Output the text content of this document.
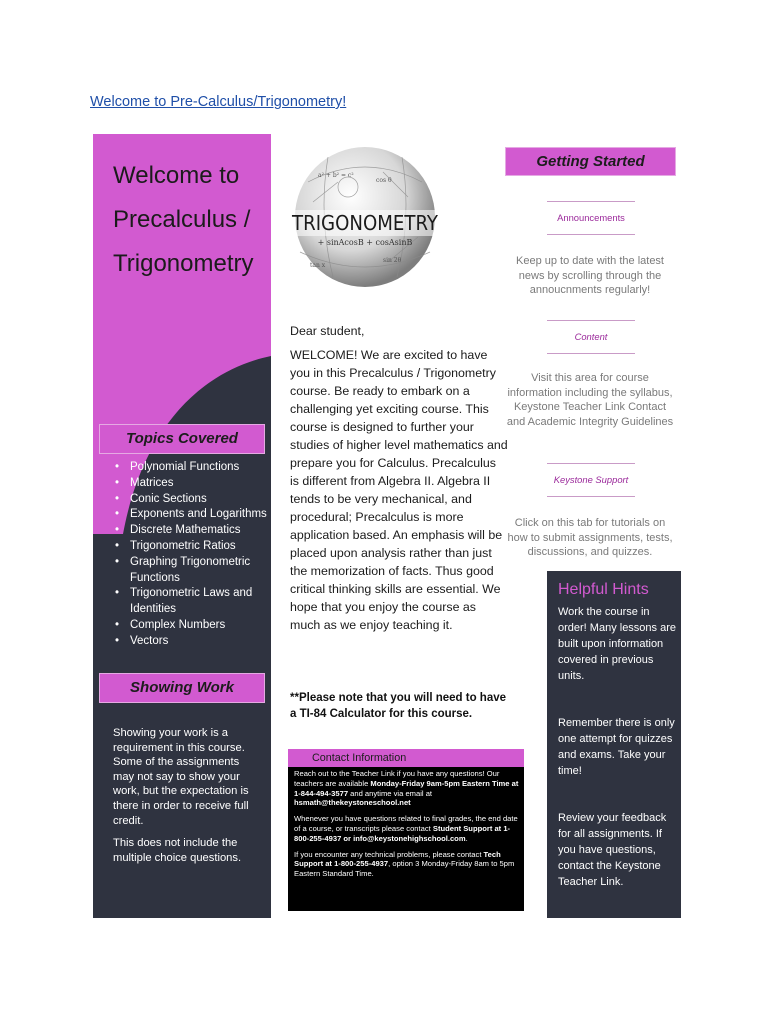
Welcome to Pre-Calculus/Trigonometry!
Welcome to
Precalculus /
Trigonometry
Topics Covered
• Polynomial Functions
• Matrices
• Conic Sections
• Exponents and Logarithms
• Discrete Mathematics
• Trigonometric Ratios
• Graphing Trigonometric Functions
• Trigonometric Laws and Identities
• Complex Numbers
• Vectors
Showing Work

Showing your work is a requirement in this course. Some of the assignments may not say to show your work, but the expectation is there in order to receive full credit.

This does not include the multiple choice questions.

a² + b² = c²
cos θ
tan x
sin 2θ
TRIGONOMETRY
+ sinAcosB + cosAsinB

Dear student,

WELCOME! We are excited to have you in this Precalculus / Trigonometry course. Be ready to embark on a challenging yet exciting course. This course is designed to further your studies of higher level mathematics and prepare you for Calculus. Precalculus is different from Algebra II. Algebra II tends to be very mechanical, and procedural; Precalculus is more application based. An emphasis will be placed upon analysis rather than just the memorization of facts. Thus good critical thinking skills are essential. We hope that you enjoy the course as much as we enjoy teaching it.

**Please note that you will need to have a TI-84 Calculator for this course.
Contact Information

Reach out to the Teacher Link if you have any questions! Our teachers are available Monday-Friday 9am-5pm Eastern Time at 1-844-494-3577 and anytime via email at hsmath@thekeystoneschool.net

Whenever you have questions related to final grades, the end date of a course, or transcripts please contact Student Support at 1-800-255-4937 or info@keystonehighschool.com.

If you encounter any technical problems, please contact Tech Support at 1-800-255-4937, option 3 Monday-Friday 8am to 5pm Eastern Standard Time.

Getting Started
Announcements
Keep up to date with the latest news by scrolling through the annoucnments regularly!
Content
Visit this area for course information including the syllabus, Keystone Teacher Link Contact and Academic Integrity Guidelines
Keystone Support
Click on this tab for tutorials on how to submit assignments, tests, discussions, and quizzes.
Helpful Hints
Work the course in order! Many lessons are built upon information covered in previous units.
Remember there is only one attempt for quizzes and exams. Take your time!
Review your feedback for all assignments. If you have questions, contact the Keystone Teacher Link.
